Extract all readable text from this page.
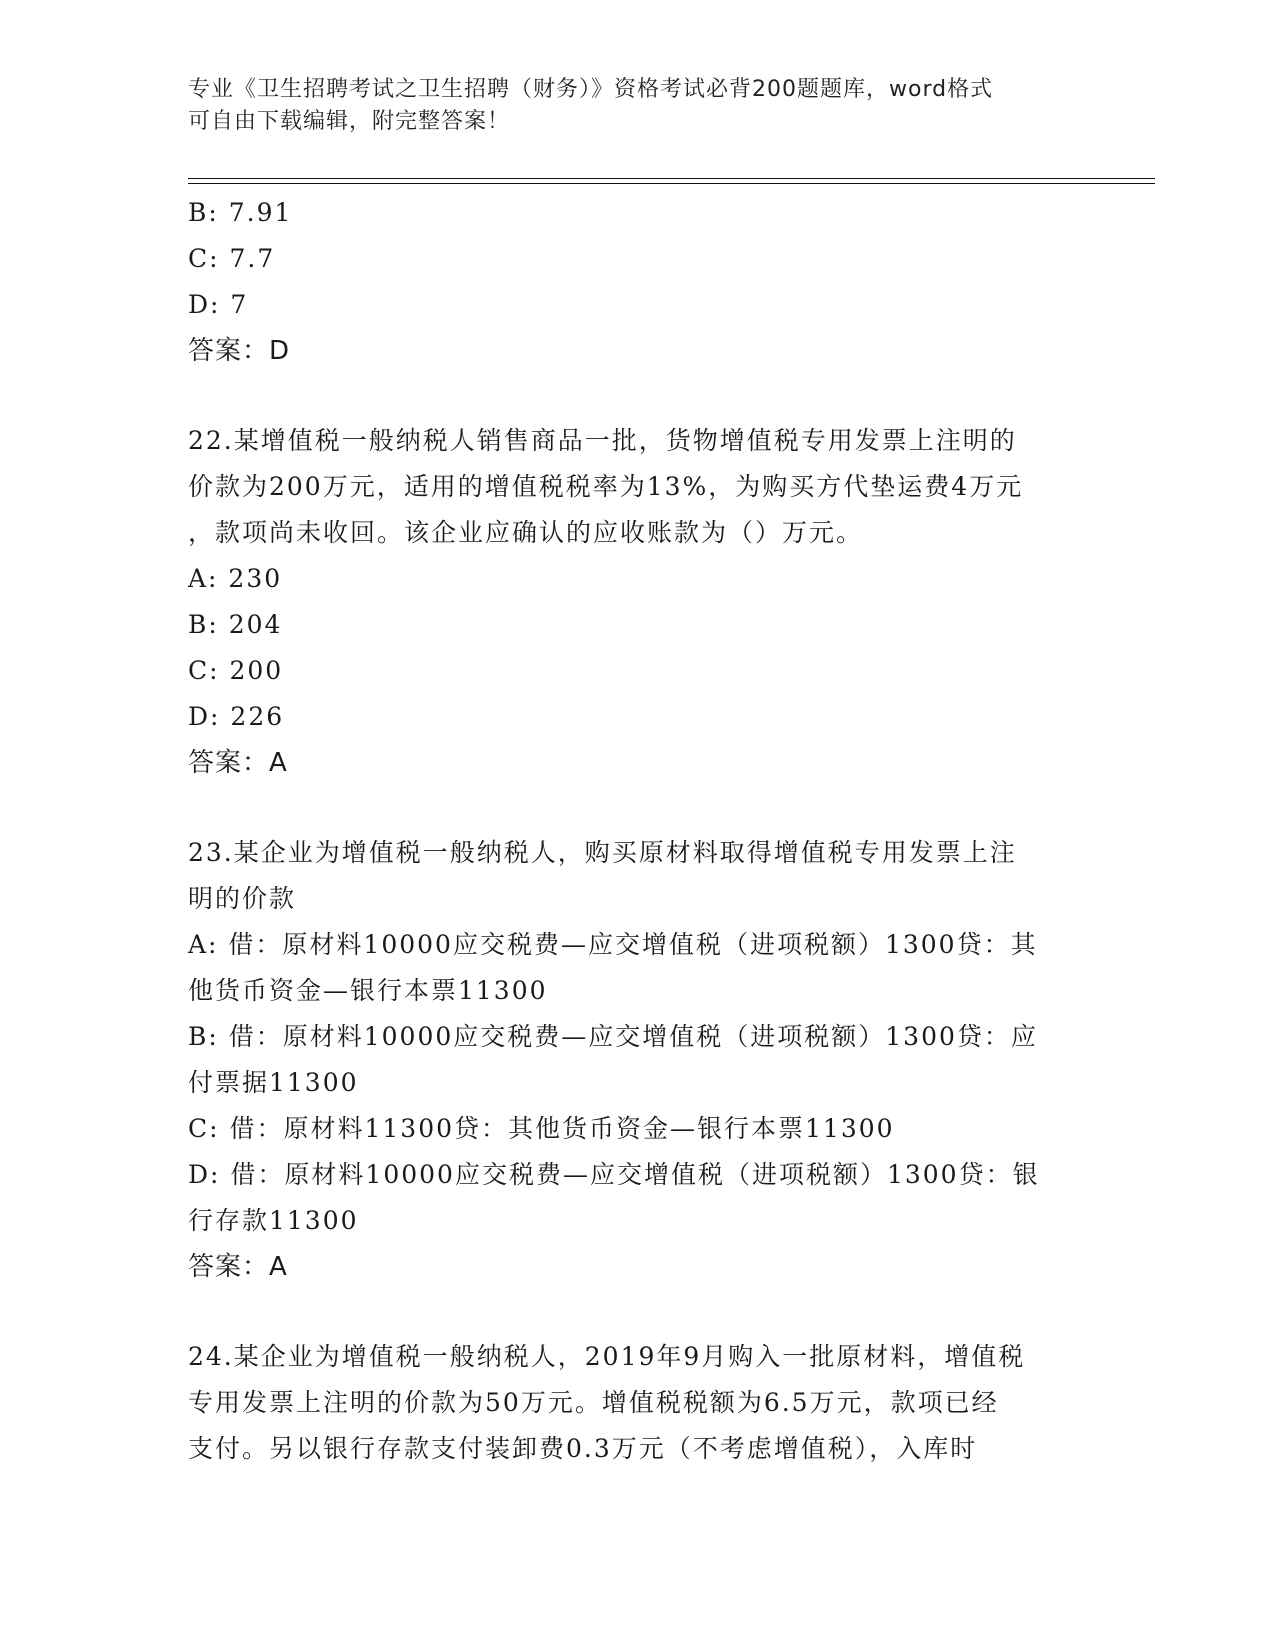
专业《卫生招聘考试之卫生招聘（财务）》资格考试必背200题题库，word格式
可自由下载编辑，附完整答案！
B: 7.91
C: 7.7
D: 7
答案：D
22.某增值税一般纳税人销售商品一批，货物增值税专用发票上注明的
价款为200万元，适用的增值税税率为13%，为购买方代垫运费4万元
，款项尚未收回。该企业应确认的应收账款为（）万元。
A: 230
B: 204
C: 200
D: 226
答案：A
23.某企业为增值税一般纳税人，购买原材料取得增值税专用发票上注
明的价款
A: 借：原材料10000应交税费—应交增值税（进项税额）1300贷：其
他货币资金—银行本票11300
B: 借：原材料10000应交税费—应交增值税（进项税额）1300贷：应
付票据11300
C: 借：原材料11300贷：其他货币资金—银行本票11300
D: 借：原材料10000应交税费—应交增值税（进项税额）1300贷：银
行存款11300
答案：A
24.某企业为增值税一般纳税人，2019年9月购入一批原材料，增值税
专用发票上注明的价款为50万元。增值税税额为6.5万元，款项已经
支付。另以银行存款支付装卸费0.3万元（不考虑增值税），入库时
